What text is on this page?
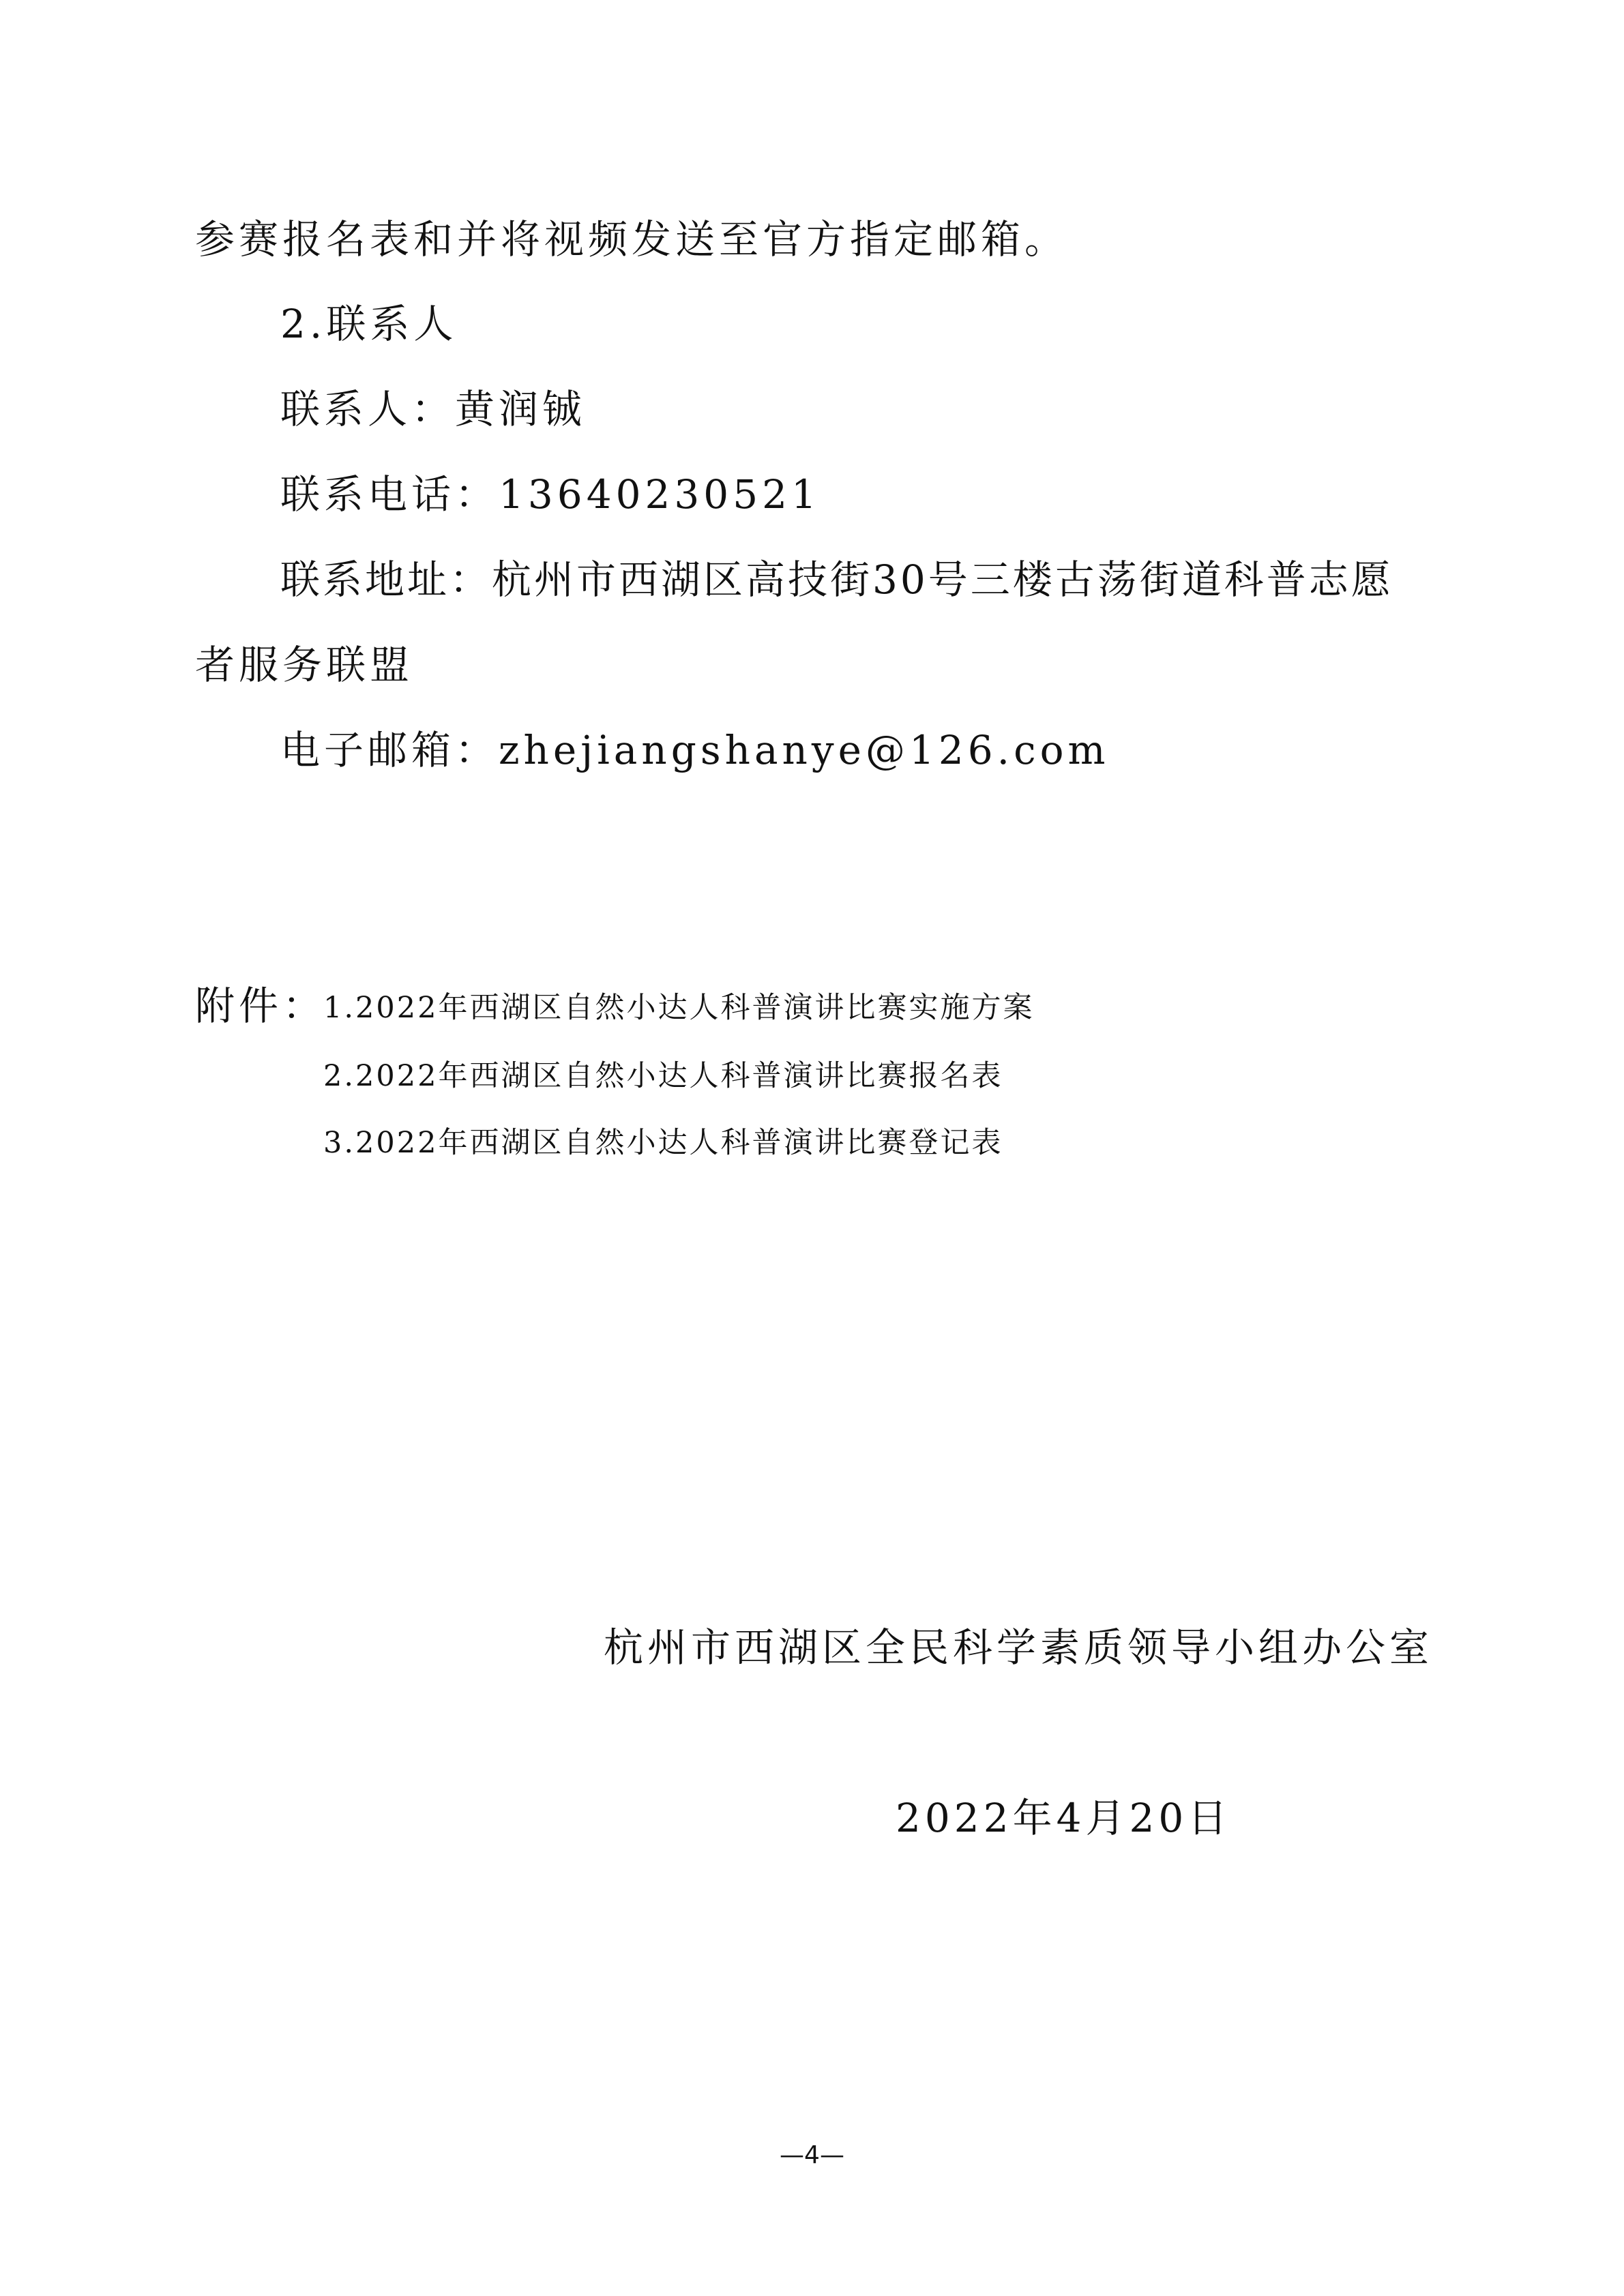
参赛报名表和并将视频发送至官方指定邮箱。
2.联系人
联系人：黄润铖
联系电话：13640230521
联系地址：杭州市西湖区高技街30号三楼古荡街道科普志愿
者服务联盟
电子邮箱：zhejiangshanye@126.com
附件：
1.2022年西湖区自然小达人科普演讲比赛实施方案
2.2022年西湖区自然小达人科普演讲比赛报名表
3.2022年西湖区自然小达人科普演讲比赛登记表
杭州市西湖区全民科学素质领导小组办公室
2022年4月20日
—4—
